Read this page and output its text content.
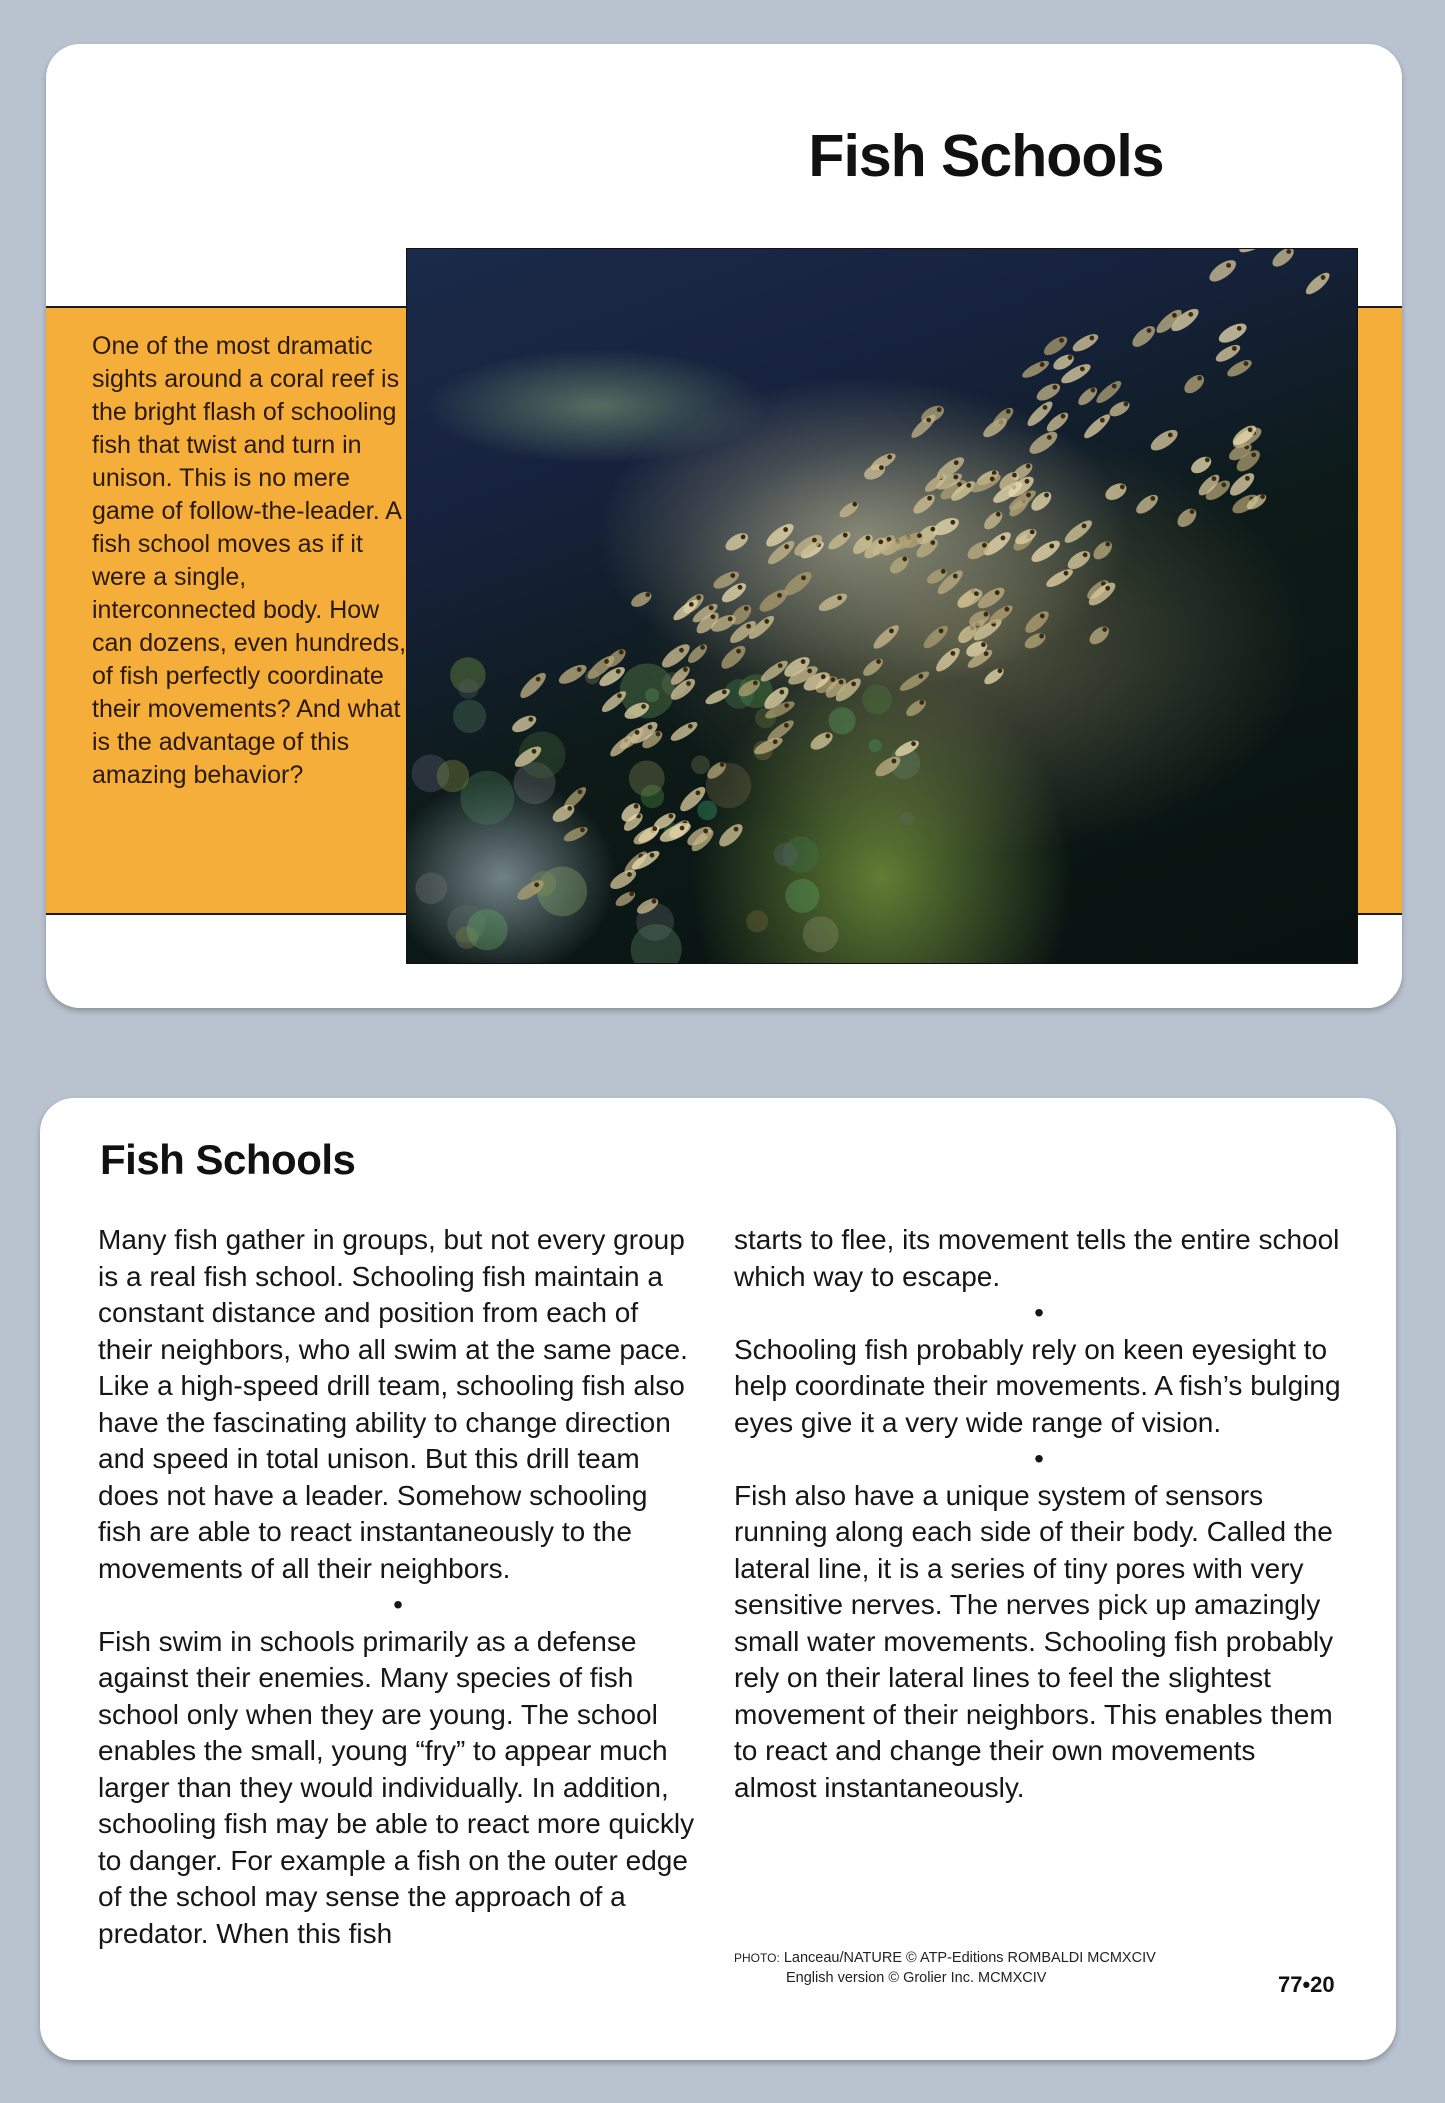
Fish Schools

One of the most dramatic sights around a coral reef is the bright flash of schooling fish that twist and turn in unison. This is no mere game of follow-the-leader. A fish school moves as if it were a single, interconnected body. How can dozens, even hundreds, of fish perfectly coordinate their movements? And what is the advantage of this amazing behavior?

Fish Schools

Many fish gather in groups, but not every group is a real fish school. Schooling fish maintain a constant distance and position from each of their neighbors, who all swim at the same pace. Like a high-speed drill team, schooling fish also have the fascinating ability to change direction and speed in total unison. But this drill team does not have a leader. Somehow schooling fish are able to react instantaneously to the movements of all their neighbors.

•

Fish swim in schools primarily as a defense against their enemies. Many species of fish school only when they are young. The school enables the small, young “fry” to appear much larger than they would individually. In addition, schooling fish may be able to react more quickly to danger. For example a fish on the outer edge of the school may sense the approach of a predator. When this fish

starts to flee, its movement tells the entire school which way to escape.

•

Schooling fish probably rely on keen eyesight to help coordinate their movements. A fish’s bulging eyes give it a very wide range of vision.

•

Fish also have a unique system of sensors running along each side of their body. Called the lateral line, it is a series of tiny pores with very sensitive nerves. The nerves pick up amazingly small water movements. Schooling fish probably rely on their lateral lines to feel the slightest movement of their neighbors. This enables them to react and change their own movements almost instantaneously.

PHOTO: Lanceau/NATURE © ATP-Editions ROMBALDI MCMXCIV
English version © Grolier Inc. MCMXCIV	77•20
